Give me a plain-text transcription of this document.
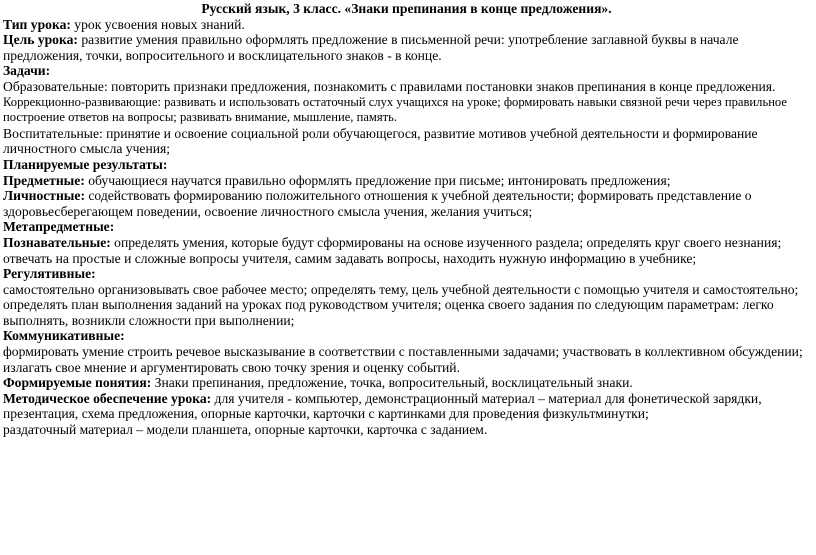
Русский язык, 3 класс. «Знаки препинания в конце предложения».

Тип урока: урок усвоения новых знаний.

Цель урока: развитие умения правильно оформлять предложение в письменной речи: употребление заглавной буквы в начале предложения, точки, вопросительного и восклицательного знаков - в конце.

Задачи:

Образовательные: повторить признаки предложения, познакомить с правилами постановки знаков препинания в конце предложения.

Коррекционно-развивающие: развивать и использовать остаточный слух учащихся на уроке; формировать навыки связной речи через правильное построение ответов на вопросы; развивать внимание, мышление, память.

Воспитательные: принятие и освоение социальной роли обучающегося, развитие мотивов учебной деятельности и формирование личностного смысла учения;

Планируемые результаты:

Предметные: обучающиеся научатся правильно оформлять предложение при письме; интонировать предложения;

Личностные: содействовать формированию положительного отношения к учебной деятельности; формировать представление о здоровьесберегающем поведении, освоение личностного смысла учения, желания учиться;

Метапредметные:

Познавательные: определять умения, которые будут сформированы на основе изученного раздела; определять круг своего незнания; отвечать на простые и сложные вопросы учителя, самим задавать вопросы, находить нужную информацию в учебнике;

Регулятивные:

самостоятельно организовывать свое рабочее место; определять тему, цель учебной деятельности с помощью учителя и самостоятельно; определять план выполнения заданий на уроках под руководством учителя; оценка своего задания по следующим параметрам: легко выполнять, возникли сложности при выполнении;

Коммуникативные:

формировать умение строить речевое высказывание в соответствии с поставленными задачами; участвовать в коллективном обсуждении; излагать свое мнение и аргументировать свою точку зрения и оценку событий.

Формируемые понятия: Знаки препинания, предложение, точка, вопросительный, восклицательный знаки.

Методическое обеспечение урока: для учителя - компьютер, демонстрационный материал – материал для фонетической зарядки, презентация, схема предложения, опорные карточки, карточки с картинками для проведения физкультминутки;

раздаточный материал – модели планшета, опорные карточки, карточка с заданием.
